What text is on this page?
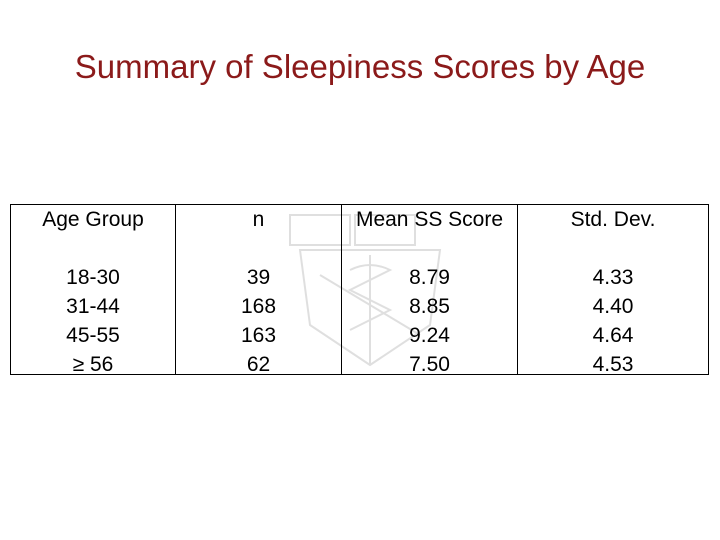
Summary of Sleepiness Scores by Age
Age Group
18-30
31-44
45-55
≥ 56
n
39
168
163
62
Mean SS Score
8.79
8.85
9.24
7.50
Std. Dev.
4.33
4.40
4.64
4.53
